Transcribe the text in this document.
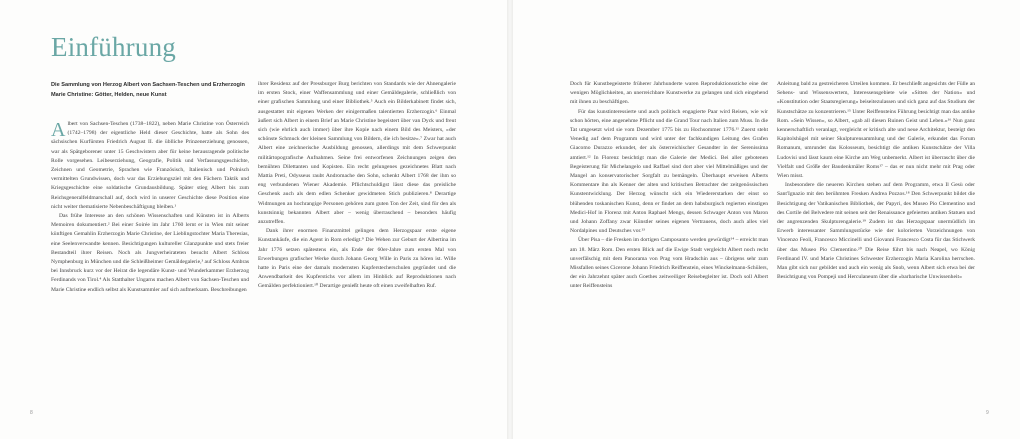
Einführung
Die Sammlung von Herzog Albert von Sachsen-Teschen und Erzherzogin Marie Christine: Götter, Helden, neue Kunst

Albert von Sachsen-Teschen (1738–1822), neben Marie Christine von Österreich (1742–1798) der eigentliche Held dieser Geschichte, hatte als Sohn des sächsischen Kurfürsten Friedrich August II. die üblliche Prinzenerziehung genossen, war als Spätgeborener unter 15 Geschwistern aber für keine herausragende politische Rolle vorgesehen. Leibeserziehung, Geografie, Politik und Verfassungsgeschichte, Zeichnen und Geometrie, Sprachen wie Französisch, Italienisch und Polnisch vermittelten Grundwissen, doch war das Erziehungsziel mit den Fächern Taktik und Kriegsgeschichte eine soldatische Grundausbildung. Später stieg Albert bis zum Reichsgeneralfeldmarschall auf, doch wird in unserer Geschichte diese Position eine nicht weiter thematisierte Nebenbeschäftigung bleiben.¹

Das frühe Interesse an den schönen Wissenschaften und Künsten ist in Alberts Memoiren dokumentiert.² Bei einer Soirée im Jahr 1760 lernt er in Wien mit seiner künftigen Gemahlin Erzherzogin Marie Christine, der Lieblingstochter Maria Theresias, eine Seelenverwandte kennen. Besichtigungen kultureller Glanzpunkte und stets freier Bestandteil ihrer Reisen. Noch als Jungverheirateten besucht Albert Schloss Nymphenburg in München und die Schleißheimer Gemäldegalerie,³ auf Schloss Ambras bei Innsbruck kurz vor der Heirat die legendäre Kunst- und Wunderkammer Erzherzog Ferdinands von Tirol.⁴ Als Statthalter Ungarns machen Albert von Sachsen-Teschen und Marie Christine endlich selbst als Kunstsammler auf sich aufmerksam. Beschreibungen

ihrer Residenz auf der Pressburger Burg berichten von Standards wie der Ahnengalerie im ersten Stock, einer Waffensammlung und einer Gemäldegalerie, schließlich von einer grafischen Sammlung und einer Bibliothek.⁵ Auch ein Bilderkabinett findet sich, ausgestattet mit eigenen Werken der einigermaßen talentierten Erzherzogin.⁶ Einmal äußert sich Albert in einem Brief an Marie Christine begeistert über van Dyck und freut sich (wie ehrlich auch immer) über ihre Kopie nach einem Bild des Meisters, »der schönste Schmuck der kleinen Sammlung von Bildern, die ich besitze«.⁷ Zwar hat auch Albert eine zeichnerische Ausbildung genossen, allerdings mit dem Schwerpunkt militärtopografische Aufnahmen. Seine frei entworfenen Zeichnungen zeigen den bemühten Dilettanten und Kopisten. Ein recht gelungenes gezeichnetes Blatt nach Mattia Preti, Odysseus raubt Andromache den Sohn, schenkt Albert 1768 der ihm so eng verbundenen Wiener Akademie. Pflichtschuldigst lässt diese das preisliche Geschenk auch als dem edlen Schenker gewidmeten Stich publizieren.⁸ Derartige Widmungen an hochrangige Personen gehören zum guten Ton der Zeit, sind für den als kunstsinnig bekannten Albert aber – wenig überraschend – besonders häufig anzutreffen.

Dank ihrer enormen Finanzmittel gelingen dem Herzogspaar erste eigene Kunstankäufe, die ein Agent in Rom erledigt.⁹ Die Wehen zur Geburt der Albertina im Jahr 1776 setzen spätestens ein, als Ende der 60er-Jahre zum ersten Mal von Erwerbungen grafischer Werke durch Johann Georg Wille in Paris zu hören ist. Wille hatte in Paris eine der damals modernsten Kupferstecherschulen gegründet und die Anwendbarkeit des Kupferstichs vor allem im Hinblick auf Reproduktionen nach Gemälden perfektioniert.¹⁰ Derartige genießt heute oft einen zweifelhaften Ruf.

8

Doch für Kunstbegeisterte früherer Jahrhunderte waren Reproduktionsstiche eine der wenigen Möglichkeiten, an unerreichbare Kunstwerke zu gelangen und sich eingehend mit ihnen zu beschäftigen.

Für das kunstinteressierte und auch politisch engagierte Paar wird Reisen, wie wir schon hörten, eine angenehme Pflicht und die Grand Tour nach Italien zum Muss. In die Tat umgesetzt wird sie vom Dezember 1775 bis zu Hochsommer 1776.¹¹ Zuerst steht Venedig auf dem Programm und wird unter der fachkundigen Leitung des Grafen Giacomo Durazzo erkundet, der als österreichischer Gesandter in der Serenissima amtiert.¹² In Florenz besichtigt man die Galerie der Medici. Bei aller gebotenen Begeisterung für Michelangelo und Raffael sind dort aber viel Mittelmäßiges und der Mangel an konservatorischer Sorgfalt zu bemängeln. Überhaupt erweisen Alberts Kommentare ihn als Kenner der alten und kritischen Betrachter der zeitgenössischen Kunstentwicklung. Der Herzog wünscht sich ein Wiedererstarken der einst so blühenden toskanischen Kunst, denn er findet an dem habsburgisch regierten einstigen Medici-Hof in Florenz mit Anton Raphael Mengs, dessen Schwager Anton von Maron und Johann Zoffany zwar Künstler seines eigenen Vertrauens, doch auch alles viel Nordalpines und Deutsches vor.¹³

Über Pisa – die Fresken im dortigen Camposanto werden gewürdigt¹⁴ – erreicht man am 18. März Rom. Den ersten Blick auf die Ewige Stadt vergleicht Albert noch recht unverfälschig mit dem Panorama von Prag vom Hradschin aus – übrigens sehr zum Missfallen seines Cicerone Johann Friedrich Reiffenstein, eines Winckelmann-Schülers, der ein Jahrzehnt später auch Goethes zeitweiliger Reisebegleiter ist. Doch soll Albert unter Reiffensteins

Anleitung bald zu gestreicheren Urteilen kommen. Er beschließt angesichts der Fülle an Sehens- und Wissenswertem, Interessensgebiete wie »Sitten der Nation« und »Konstitution oder Staatsregierung« beiseitezulassen und sich ganz auf das Studium der Kunstschätze zu konzentrieren.¹⁵ Unter Reiffensteins Führung besichtigt man das antike Rom. »Sein Wissen«, so Albert, »gab all diesen Ruinen Geist und Leben.«¹⁶ Nun ganz kennerschaftlich veranlagt, vergleicht er kritisch alte und neue Architektur, besteigt den Kapitolshügel mit seiner Skulpturensammlung und der Galerie, erkundet das Forum Romanum, umrundet das Kolosseum, besichtigt die antiken Kunstschätze der Villa Ludovisi und lässt kaum eine Kirche am Weg unbemerkt. Albert ist überrascht über die Vielfalt und Größe der Baudenkmäler Roms¹⁷ – das er nun nicht mehr mit Prag oder Wien misst.

Insbesondere die neueren Kirchen stehen auf dem Programm, etwa Il Gesù oder Sant'Ignazio mit den berühmten Fresken Andrea Pozzos.¹⁸ Den Schwerpunkt bildet die Besichtigung der Vatikanischen Bibliothek, der Papyri, des Museo Pio Clementino und des Cortile del Belvedere mit seinen seit der Renaissance gefeierten antiken Statuen und der angrenzenden Skulpturengalerie.¹⁹ Zudem ist das Herzogspaar unermüdlich im Erwerb interessanter Sammlungsstücke wie der kolorierten Vorzeichnungen von Vincenzo Feoli, Francesco Miccinelli und Giovanni Francesco Costa für das Stichwerk über das Museo Pio Clementino.²⁰ Die Reise führt bis nach Neapel, wo König Ferdinand IV. und Marie Christines Schwester Erzherzogin Maria Karolina herrschen. Man gibt sich nur gebildet und auch ein wenig als Snob, wenn Albert sich etwa bei der Besichtigung von Pompeji und Herculaneum über die »barbarische Unwissenheit«

9
